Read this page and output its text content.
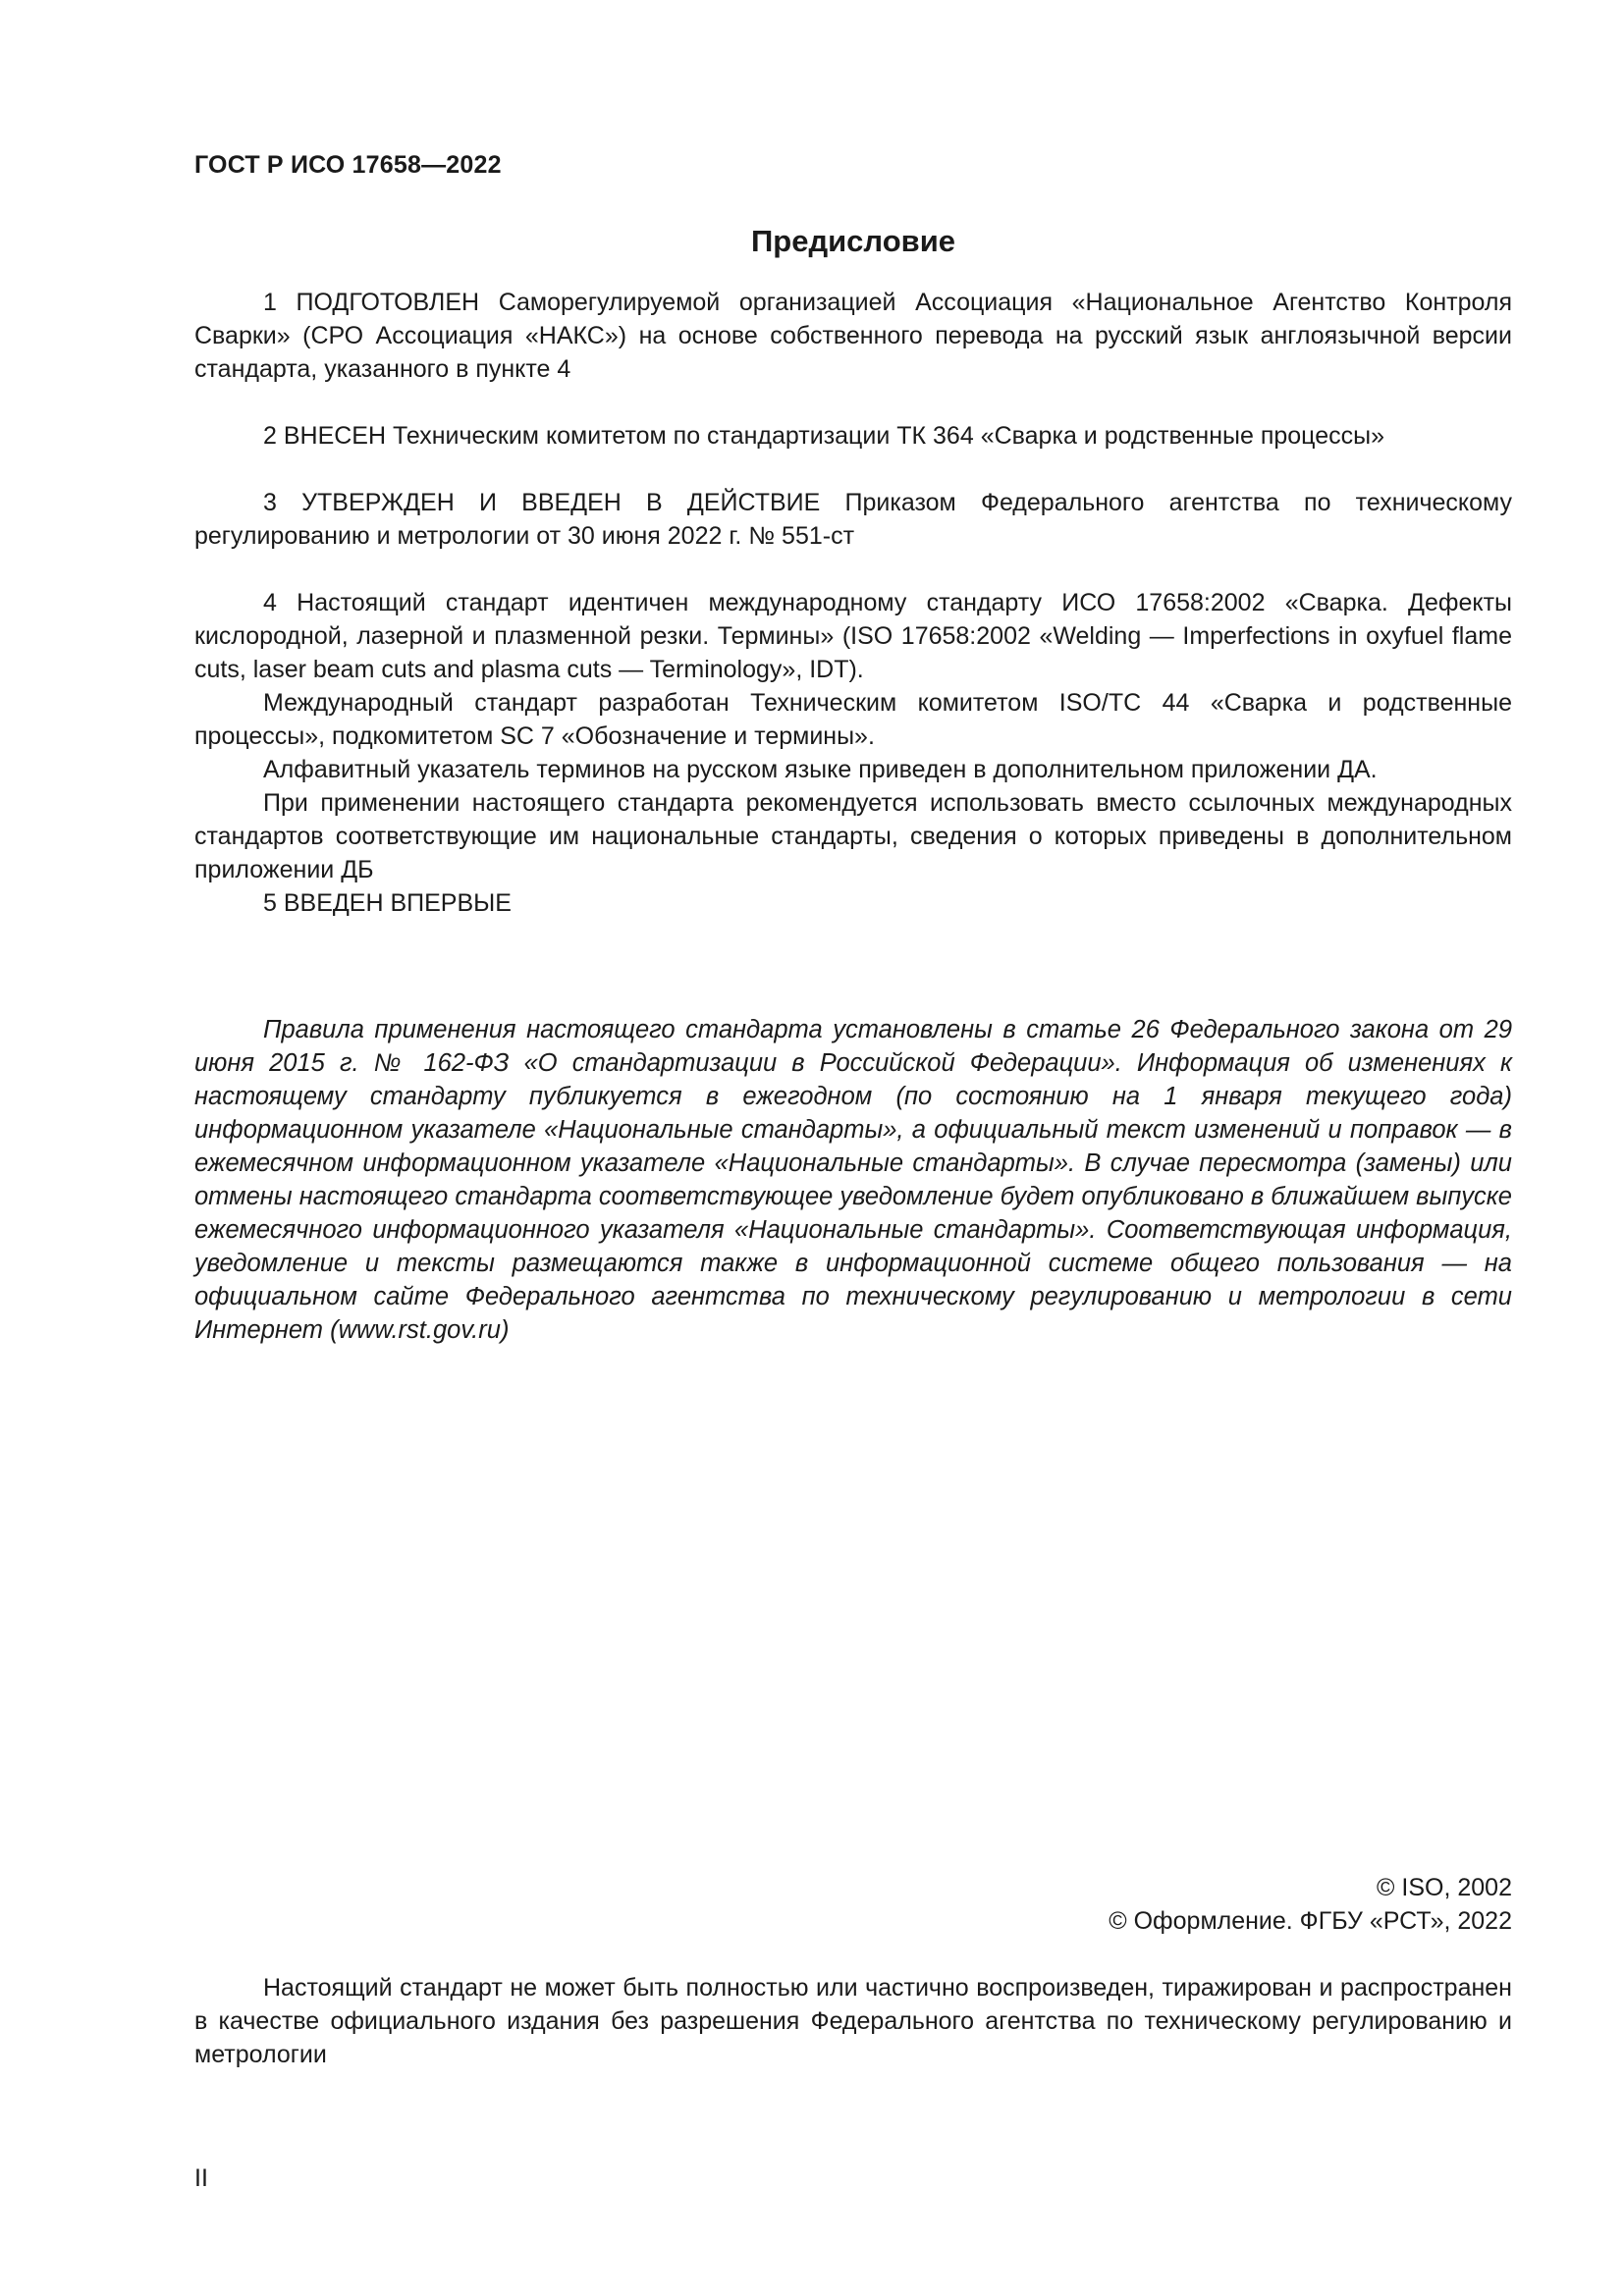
ГОСТ Р ИСО 17658—2022
Предисловие

1 ПОДГОТОВЛЕН Саморегулируемой организацией Ассоциация «Национальное Агентство Контроля Сварки» (СРО Ассоциация «НАКС») на основе собственного перевода на русский язык англоязычной версии стандарта, указанного в пункте 4

2 ВНЕСЕН Техническим комитетом по стандартизации ТК 364 «Сварка и родственные процессы»

3 УТВЕРЖДЕН И ВВЕДЕН В ДЕЙСТВИЕ Приказом Федерального агентства по техническому регулированию и метрологии от 30 июня 2022 г. № 551-ст

4 Настоящий стандарт идентичен международному стандарту ИСО 17658:2002 «Сварка. Дефекты кислородной, лазерной и плазменной резки. Термины» (ISO 17658:2002 «Welding — Imperfections in oxyfuel flame cuts, laser beam cuts and plasma cuts — Terminology», IDT).

Международный стандарт разработан Техническим комитетом ISO/TC 44 «Сварка и родственные процессы», подкомитетом SC 7 «Обозначение и термины».

Алфавитный указатель терминов на русском языке приведен в дополнительном приложении ДА.

При применении настоящего стандарта рекомендуется использовать вместо ссылочных международных стандартов соответствующие им национальные стандарты, сведения о которых приведены в дополнительном приложении ДБ

5 ВВЕДЕН ВПЕРВЫЕ

Правила применения настоящего стандарта установлены в статье 26 Федерального закона от 29 июня 2015 г. № 162-ФЗ «О стандартизации в Российской Федерации». Информация об изменениях к настоящему стандарту публикуется в ежегодном (по состоянию на 1 января текущего года) информационном указателе «Национальные стандарты», а официальный текст изменений и поправок — в ежемесячном информационном указателе «Национальные стандарты». В случае пересмотра (замены) или отмены настоящего стандарта соответствующее уведомление будет опубликовано в ближайшем выпуске ежемесячного информационного указателя «Национальные стандарты». Соответствующая информация, уведомление и тексты размещаются также в информационной системе общего пользования — на официальном сайте Федерального агентства по техническому регулированию и метрологии в сети Интернет (www.rst.gov.ru)

© ISO, 2002
© Оформление. ФГБУ «РСТ», 2022

Настоящий стандарт не может быть полностью или частично воспроизведен, тиражирован и распространен в качестве официального издания без разрешения Федерального агентства по техническому регулированию и метрологии

II
